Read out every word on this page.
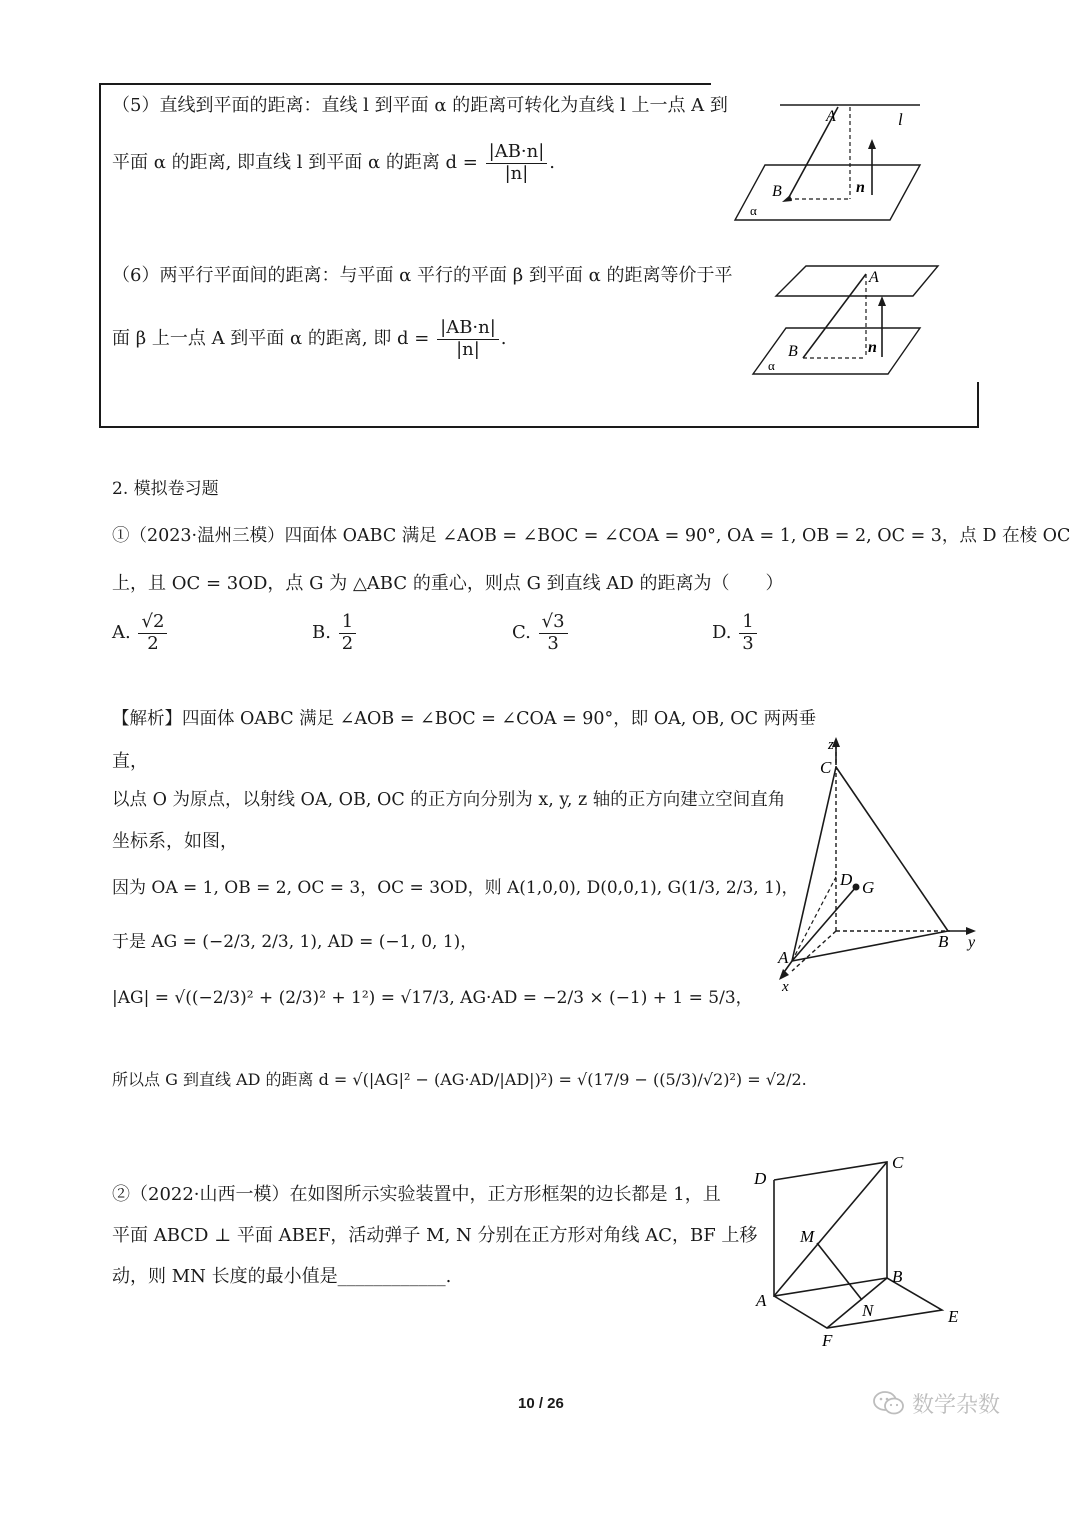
（5）直线到平面的距离：直线 l 到平面 α 的距离可转化为直线 l 上一点 A 到
平面 α 的距离, 即直线 l 到平面 α 的距离 $d = \frac{|AB\cdot n|}{|n|}$ .
（6）两平行平面间的距离：与平面 α 平行的平面 β 到平面 α 的距离等价于平
面 β 上一点 A 到平面 α 的距离, 即 $d = \frac{|AB\cdot n|}{|n|}$ .
A	l
B	n
α
A
B	n
α
2. 模拟卷习题
①（2023·温州三模）四面体 OABC 满足 ∠AOB = ∠BOC = ∠COA = 90°, OA = 1, OB = 2, OC = 3，点 D 在棱 OC
上，且 OC = 3OD，点 G 为 △ABC 的重心，则点 G 到直线 AD 的距离为（　　）
A. $\frac{√2}{2}$	B. $\frac{1}{2}$	C. $\frac{√3}{3}$	D. $\frac{1}{3}$
【解析】四面体 OABC 满足 ∠AOB = ∠BOC = ∠COA = 90°，即 OA, OB, OC 两两垂
直，
以点 O 为原点，以射线 OA, OB, OC 的正方向分别为 x, y, z 轴的正方向建立空间直角
坐标系，如图，
因为 OA = 1, OB = 2, OC = 3，OC = 3OD，则 A(1,0,0), D(0,0,1), G(1/3, 2/3, 1)，
于是 AG = (−2/3, 2/3, 1), AD = (−1, 0, 1)，
|AG| = √((−2/3)² + (2/3)² + 1²) = √17/3, AG·AD = −2/3 × (−1) + 1 = 5/3，
所以点 G 到直线 AD 的距离 d = √(|AG|² − (AG·AD/|AD|)²) = √(17/9 − ((5/3)/√2)²) = √2/2.
z
C
D G
A
B y
x
②（2022·山西一模）在如图所示实验装置中，正方形框架的边长都是 1，且
平面 ABCD ⊥ 平面 ABEF，活动弹子 M, N 分别在正方形对角线 AC，BF 上移
动，则 MN 长度的最小值是____________.
D
C
M
B
A
N	E
F
10 / 26	数学杂数
